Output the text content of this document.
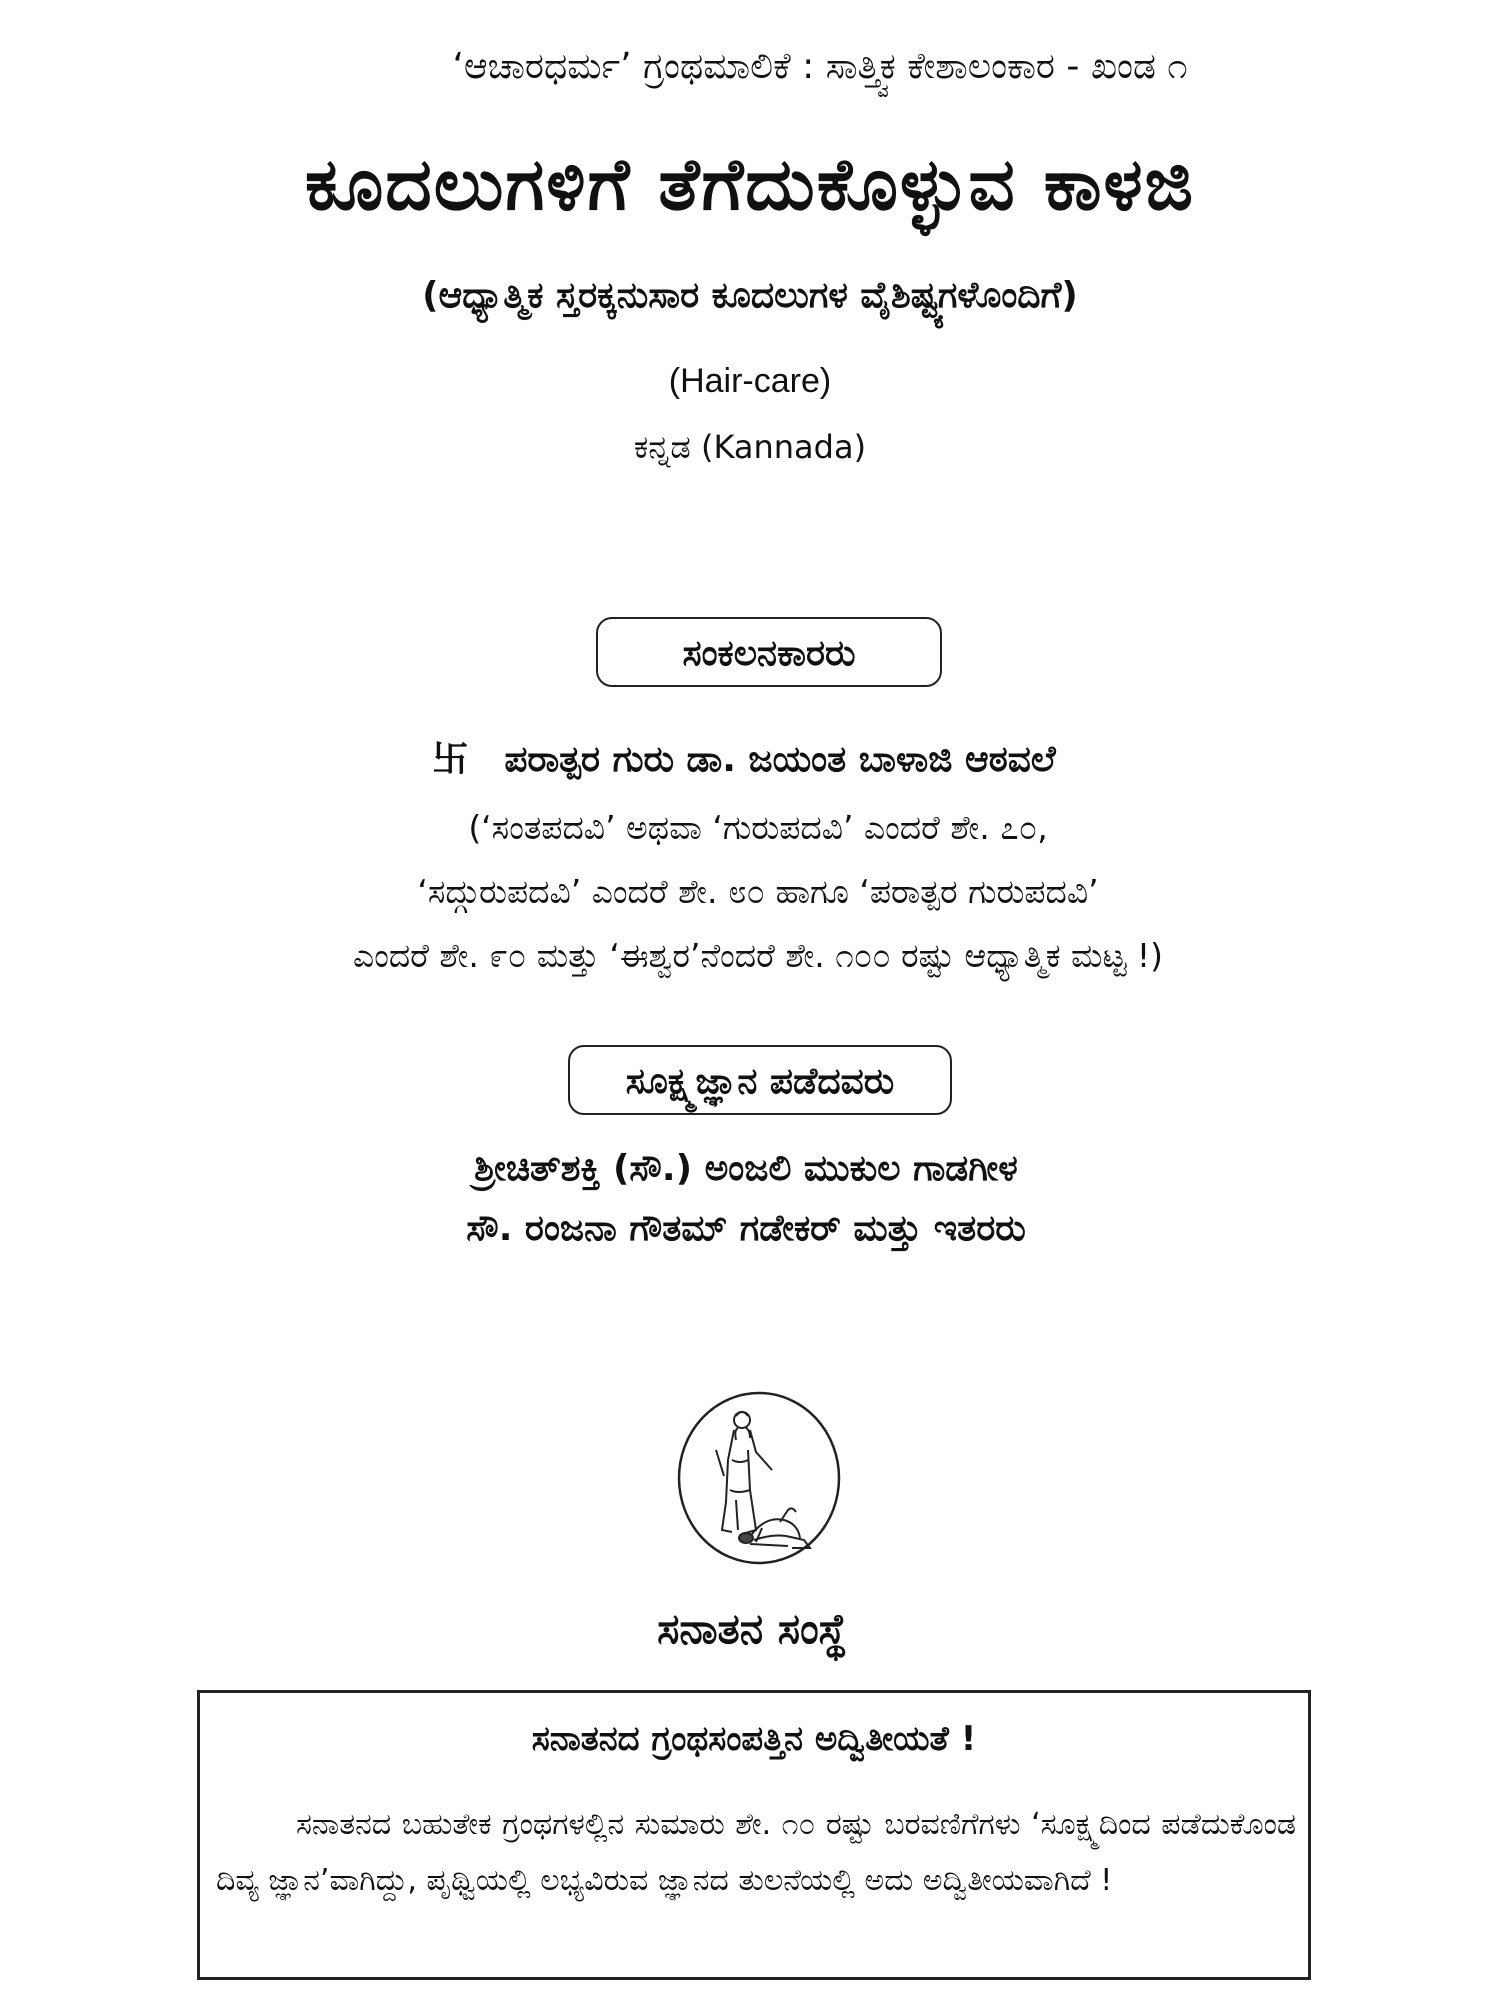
‘ಆಚಾರಧರ್ಮ’ ಗ್ರಂಥಮಾಲಿಕೆ : ಸಾತ್ತ್ವಿಕ ಕೇಶಾಲಂಕಾರ - ಖಂಡ ೧
ಕೂದಲುಗಳಿಗೆ ತೆಗೆದುಕೊಳ್ಳುವ ಕಾಳಜಿ
(ಆಧ್ಯಾತ್ಮಿಕ ಸ್ತರಕ್ಕನುಸಾರ ಕೂದಲುಗಳ ವೈಶಿಷ್ಟ್ಯಗಳೊಂದಿಗೆ)
(Hair-care)
ಕನ್ನಡ (Kannada)
ಸಂಕಲನಕಾರರು
卐 ಪರಾತ್ಪರ ಗುರು ಡಾ. ಜಯಂತ ಬಾಳಾಜಿ ಆಠವಲೆ
(‘ಸಂತಪದವಿ’ ಅಥವಾ ‘ಗುರುಪದವಿ’ ಎಂದರೆ ಶೇ. ೭೦,
‘ಸದ್ಗುರುಪದವಿ’ ಎಂದರೆ ಶೇ. ೮೦ ಹಾಗೂ ‘ಪರಾತ್ಪರ ಗುರುಪದವಿ’
ಎಂದರೆ ಶೇ. ೯೦ ಮತ್ತು ‘ಈಶ್ವರ’ನೆಂದರೆ ಶೇ. ೧೦೦ ರಷ್ಟು ಆಧ್ಯಾತ್ಮಿಕ ಮಟ್ಟ !)
ಸೂಕ್ಷ್ಮಜ್ಞಾನ ಪಡೆದವರು
ಶ್ರೀಚಿತ್‌ಶಕ್ತಿ (ಸೌ.) ಅಂಜಲಿ ಮುಕುಲ ಗಾಡಗೀಳ
ಸೌ. ರಂಜನಾ ಗೌತಮ್ ಗಡೇಕರ್ ಮತ್ತು ಇತರರು
ಸನಾತನ ಸಂಸ್ಥೆ
ಸನಾತನದ ಗ್ರಂಥಸಂಪತ್ತಿನ ಅದ್ವಿತೀಯತೆ !
ಸನಾತನದ ಬಹುತೇಕ ಗ್ರಂಥಗಳಲ್ಲಿನ ಸುಮಾರು ಶೇ. ೧೦ ರಷ್ಟು ಬರವಣಿಗೆಗಳು ‘ಸೂಕ್ಷ್ಮದಿಂದ ಪಡೆದುಕೊಂಡ ದಿವ್ಯ ಜ್ಞಾನ’ವಾಗಿದ್ದು, ಪೃಥ್ವಿಯಲ್ಲಿ ಲಭ್ಯವಿರುವ ಜ್ಞಾನದ ತುಲನೆಯಲ್ಲಿ ಅದು ಅದ್ವಿತೀಯವಾಗಿದೆ !
